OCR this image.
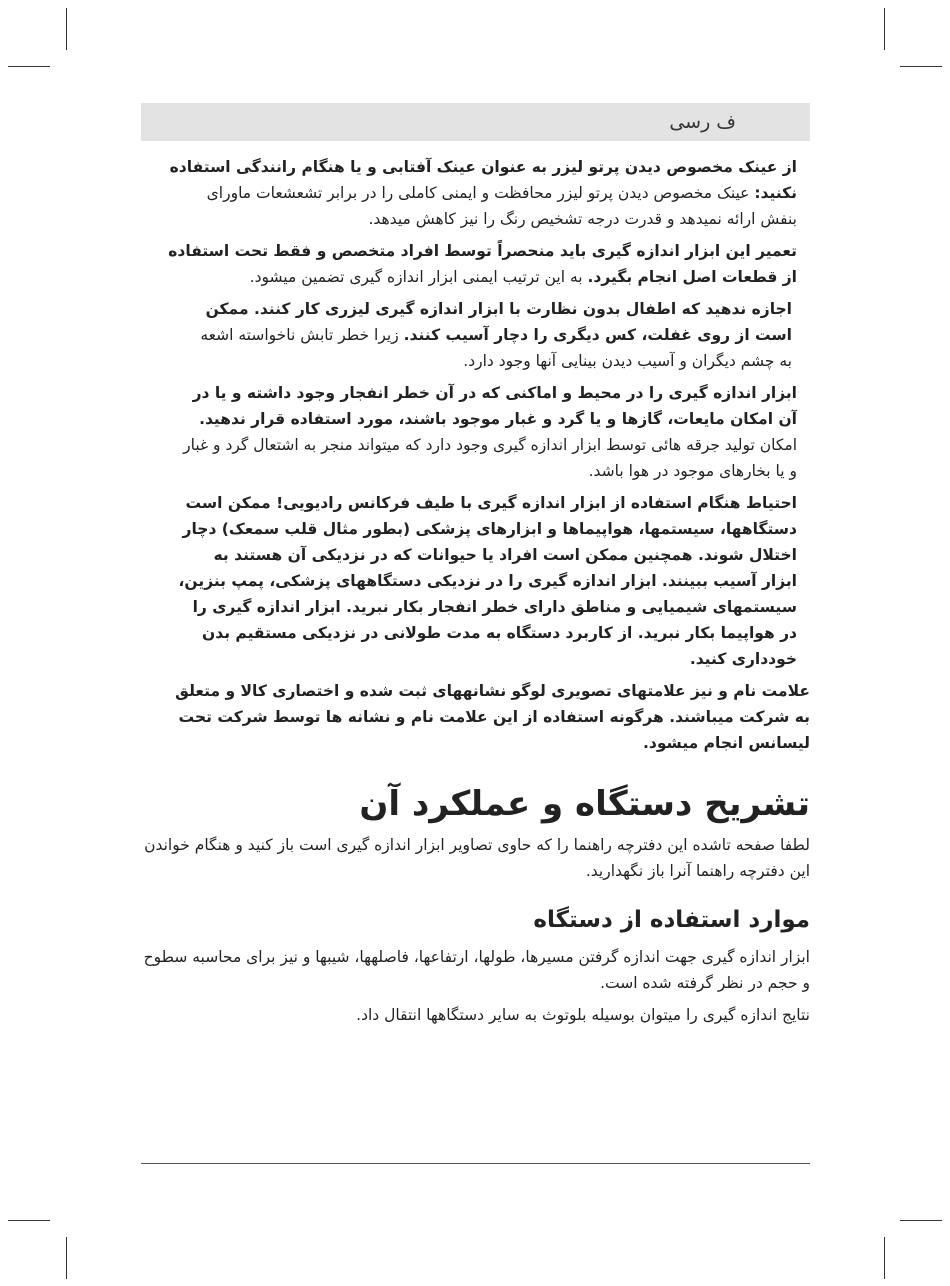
ف رسی
از عینک مخصوص دیدن پرتو لیزر به عنوان عینک آفتابی و یا هنگام رانندگی استفاده نکنید: عینک مخصوص دیدن پرتو لیزر محافظت و ایمنی کاملی را در برابر تشعشعات ماورای بنفش ارائه نمیدهد و قدرت درجه تشخیص رنگ را نیز کاهش میدهد.
تعمیر این ابزار اندازه گیری باید منحصراً توسط افراد متخصص و فقط تحت استفاده از قطعات اصل انجام بگیرد. به این ترتیب ایمنی ابزار اندازه گیری تضمین میشود.
اجازه ندهید که اطفال بدون نظارت با ابزار اندازه گیری لیزری کار کنند. ممکن است از روی غفلت، کس دیگری را دچار آسیب کنند. زیرا خطر تابش ناخواسته اشعه به چشم دیگران و آسیب دیدن بینایی آنها وجود دارد.
ابزار اندازه گیری را در محیط و اماکنی که در آن خطر انفجار وجود داشته و یا در آن امکان مایعات، گازها و یا گرد و غبار موجود باشند، مورد استفاده قرار ندهید. امکان تولید جرقه هائی توسط ابزار اندازه گیری وجود دارد که میتواند منجر به اشتعال گرد و غبار و یا بخارهای موجود در هوا باشد.
احتیاط هنگام استفاده از ابزار اندازه گیری با طیف فرکانس رادیویی! ممکن است دستگاهها، سیستمها، هواپیماها و ابزارهای پزشکی (بطور مثال قلب سمعک) دچار اختلال شوند. همچنین ممکن است افراد یا حیوانات که در نزدیکی آن هستند به ابزار آسیب ببینند. ابزار اندازه گیری را در نزدیکی دستگاههای پزشکی، پمپ بنزین، سیستمهای شیمیایی و مناطق دارای خطر انفجار بکار نبرید. ابزار اندازه گیری را در هواپیما بکار نبرید. از کاربرد دستگاه به مدت طولانی در نزدیکی مستقیم بدن خودداری کنید.
علامت نام و نیز علامتهای تصویری لوگو نشانههای ثبت شده و اختصاری کالا و متعلق به شرکت میباشند. هرگونه استفاده از این علامت نام و نشانه ها توسط شرکت تحت لیسانس انجام میشود.
تشریح دستگاه و عملکرد آن
لطفا صفحه تاشده این دفترچه راهنما را که حاوی تصاویر ابزار اندازه گیری است باز کنید و هنگام خواندن این دفترچه راهنما آنرا باز نگهدارید.
موارد استفاده از دستگاه
ابزار اندازه گیری جهت اندازه گرفتن مسیرها، طولها، ارتفاعها، فاصلهها، شیبها و نیز برای محاسبه سطوح و حجم در نظر گرفته شده است.
نتایج اندازه گیری را میتوان بوسیله بلوتوث به سایر دستگاهها انتقال داد.
